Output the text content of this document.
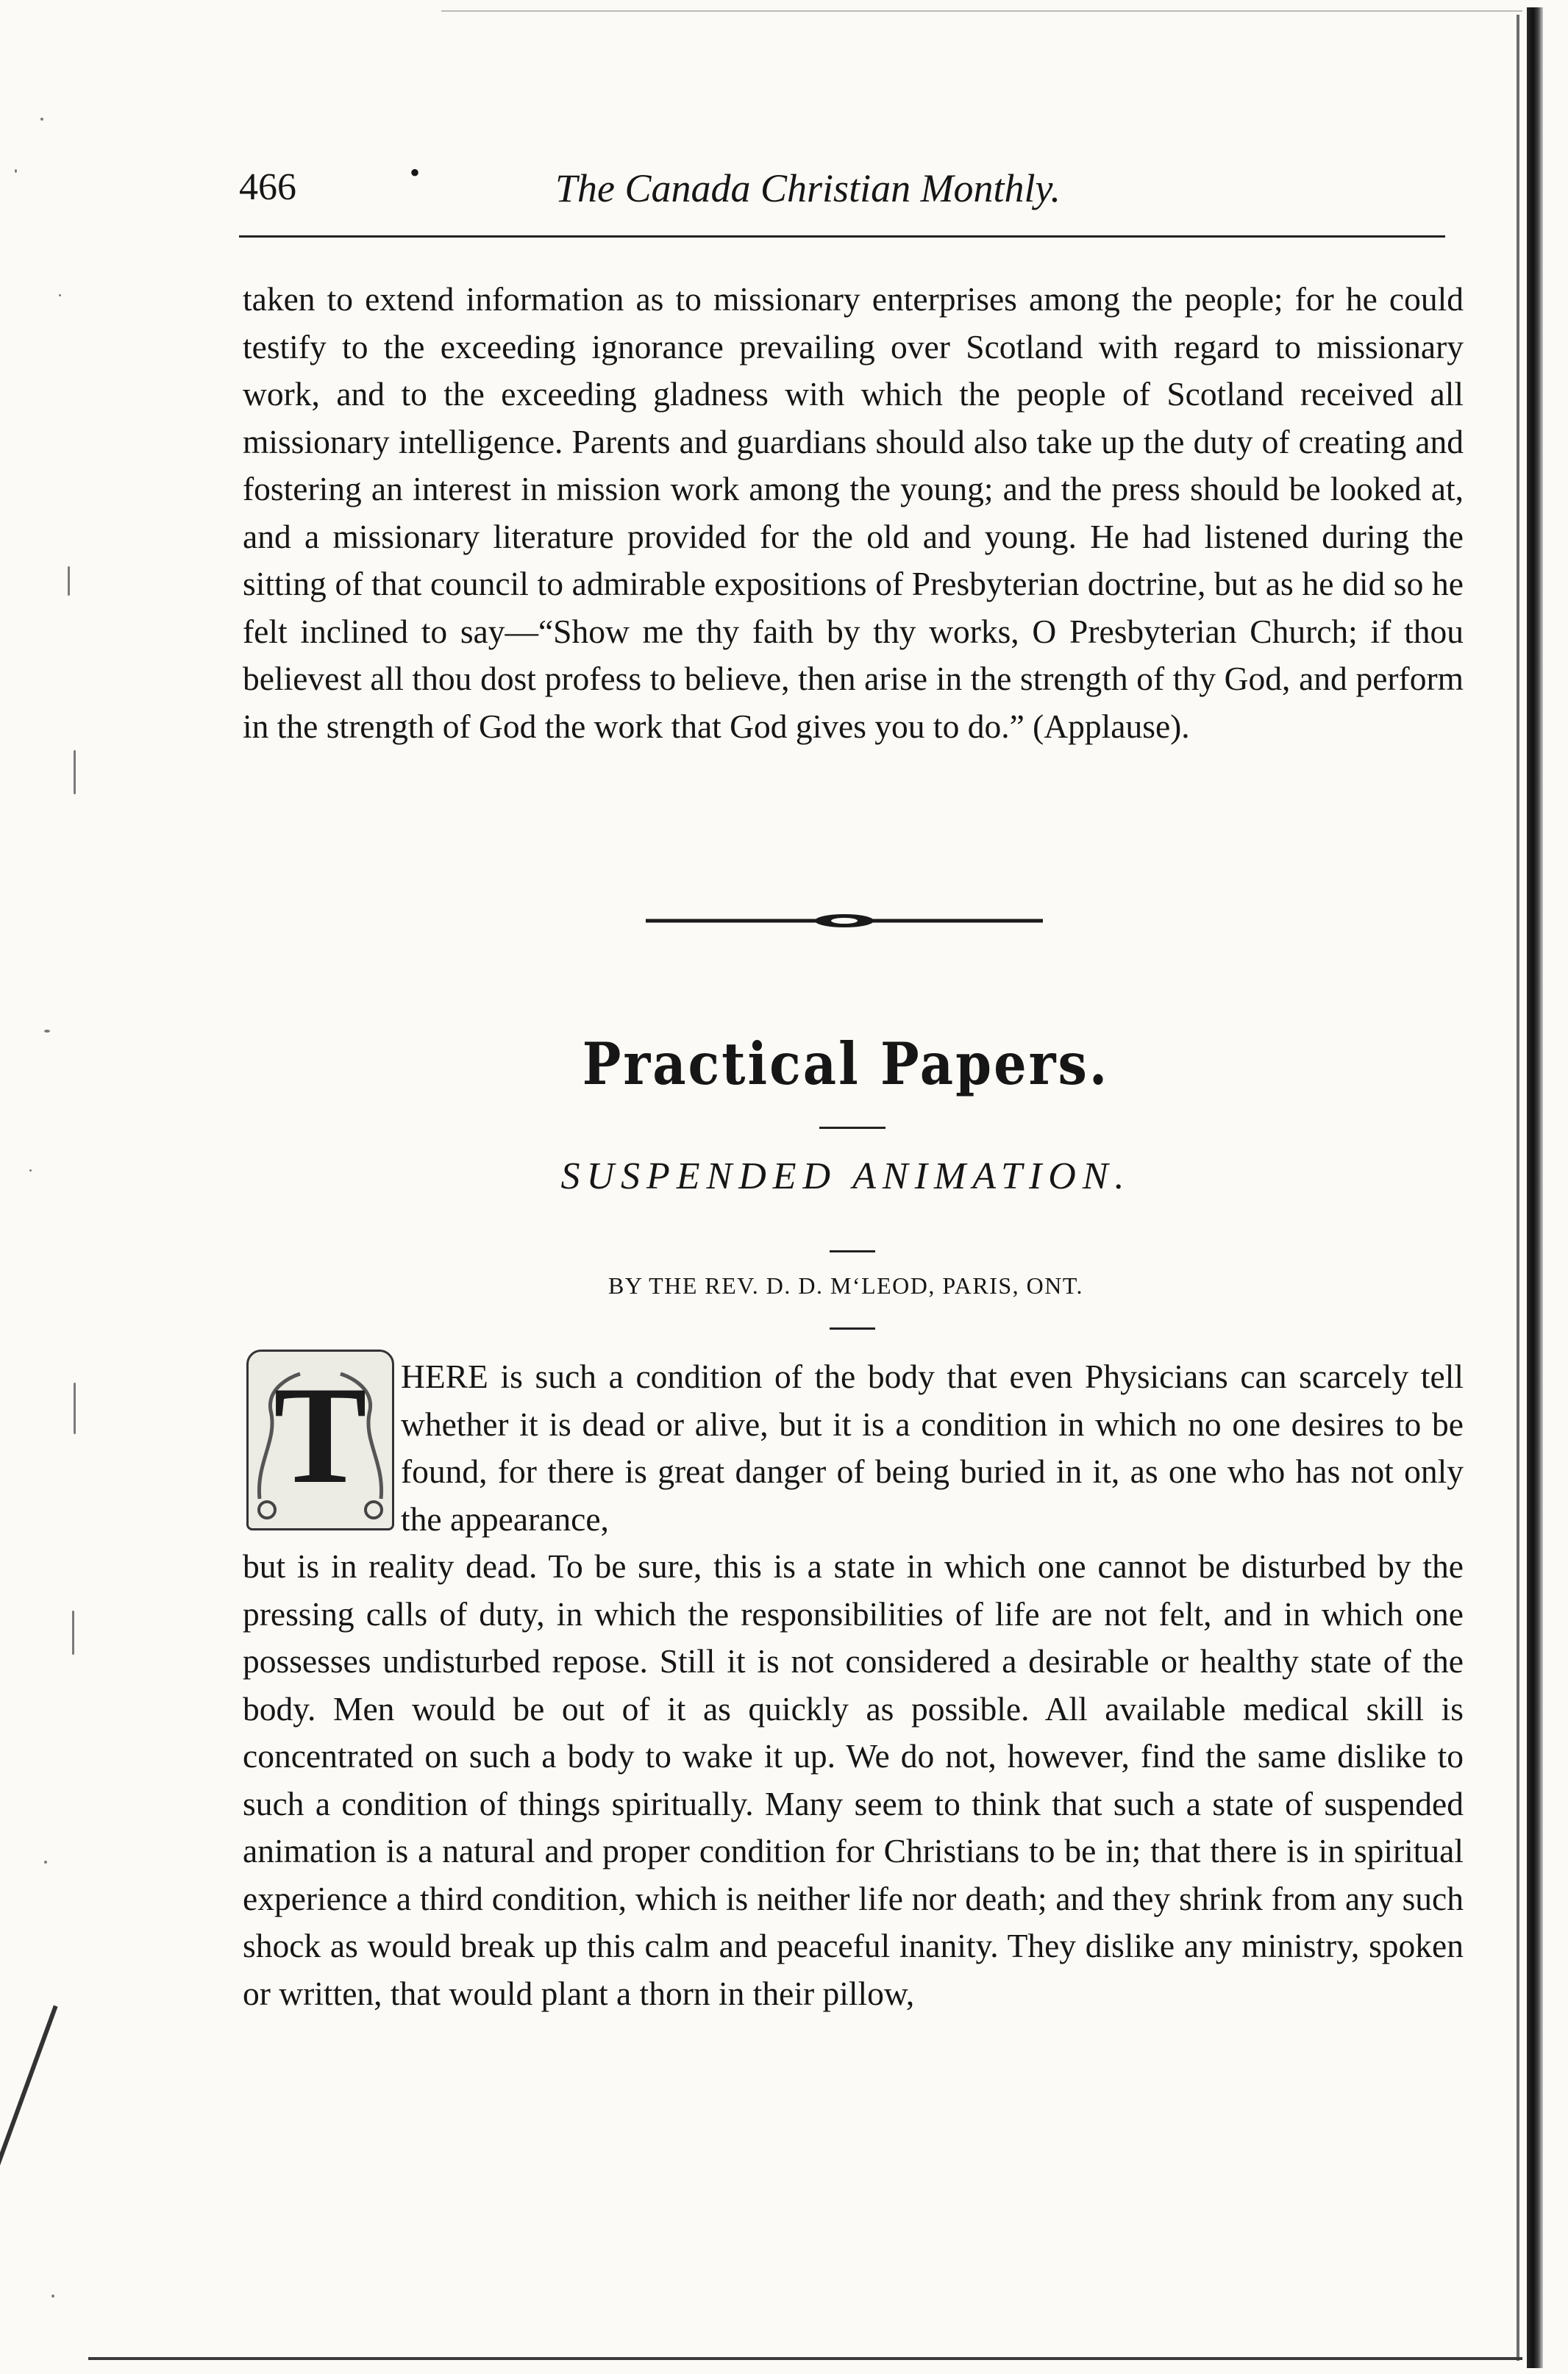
466	•	The Canada Christian Monthly.

taken to extend information as to missionary enterprises among the people; for he could testify to the exceeding ignorance prevailing over Scotland with regard to missionary work, and to the exceeding gladness with which the people of Scotland received all missionary intelligence. Parents and guardians should also take up the duty of creating and fostering an interest in mission work among the young; and the press should be looked at, and a missionary literature provided for the old and young. He had listened during the sitting of that council to admirable expositions of Presbyterian doctrine, but as he did so he felt inclined to say—“Show me thy faith by thy works, O Presbyterian Church; if thou believest all thou dost profess to believe, then arise in the strength of thy God, and perform in the strength of God the work that God gives you to do.” (Applause).

Practical Papers.
SUSPENDED ANIMATION.
BY THE REV. D. D. M‘LEOD, PARIS, ONT.
T	HERE is such a condition of the body that even Physicians can scarcely tell whether it is dead or alive, but it is a condition in which no one desires to be found, for there is great danger of being buried in it, as one who has not only the appearance,

but is in reality dead. To be sure, this is a state in which one cannot be disturbed by the pressing calls of duty, in which the responsibilities of life are not felt, and in which one possesses undisturbed repose. Still it is not considered a desirable or healthy state of the body. Men would be out of it as quickly as possible. All available medical skill is concentrated on such a body to wake it up. We do not, however, find the same dislike to such a condition of things spiritually. Many seem to think that such a state of suspended animation is a natural and proper condition for Christians to be in; that there is in spiritual experience a third condition, which is neither life nor death; and they shrink from any such shock as would break up this calm and peaceful inanity. They dislike any ministry, spoken or written, that would plant a thorn in their pillow,
